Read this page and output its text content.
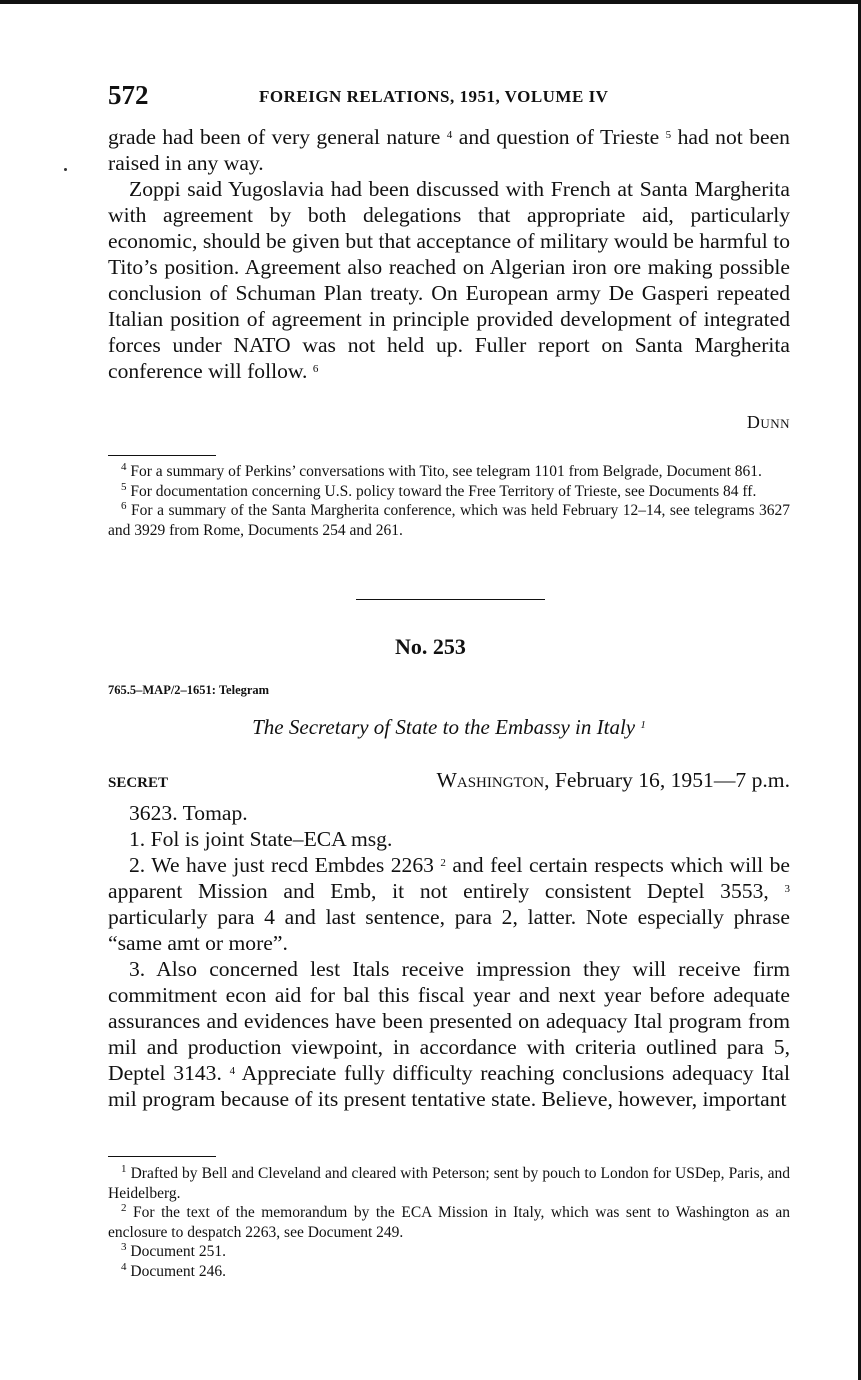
572	FOREIGN RELATIONS, 1951, VOLUME IV

grade had been of very general nature $^4$ and question of Trieste $^5$ had not been raised in any way.

Zoppi said Yugoslavia had been discussed with French at Santa Margherita with agreement by both delegations that appropriate aid, particularly economic, should be given but that acceptance of military would be harmful to Tito’s position. Agreement also reached on Algerian iron ore making possible conclusion of Schuman Plan treaty. On European army De Gasperi repeated Italian position of agreement in principle provided development of integrated forces under NATO was not held up. Fuller report on Santa Margherita conference will follow. $^6$

Dunn

$^4$ For a summary of Perkins’ conversations with Tito, see telegram 1101 from Belgrade, Document 861.

$^5$ For documentation concerning U.S. policy toward the Free Territory of Trieste, see Documents 84 ff.

$^6$ For a summary of the Santa Margherita conference, which was held February 12–14, see telegrams 3627 and 3929 from Rome, Documents 254 and 261.

No. 253
765.5–MAP/2–1651: Telegram
The Secretary of State to the Embassy in Italy $^1$
SECRET	Washington, February 16, 1951—7 p.m.

3623. Tomap.

1. Fol is joint State–ECA msg.

2. We have just recd Embdes 2263 $^2$ and feel certain respects which will be apparent Mission and Emb, it not entirely consistent Deptel 3553, $^3$ particularly para 4 and last sentence, para 2, latter. Note especially phrase “same amt or more”.

3. Also concerned lest Itals receive impression they will receive firm commitment econ aid for bal this fiscal year and next year before adequate assurances and evidences have been presented on adequacy Ital program from mil and production viewpoint, in accordance with criteria outlined para 5, Deptel 3143. $^4$ Appreciate fully difficulty reaching conclusions adequacy Ital mil program because of its present tentative state. Believe, however, important

$^1$ Drafted by Bell and Cleveland and cleared with Peterson; sent by pouch to London for USDep, Paris, and Heidelberg.

$^2$ For the text of the memorandum by the ECA Mission in Italy, which was sent to Washington as an enclosure to despatch 2263, see Document 249.

$^3$ Document 251.

$^4$ Document 246.
